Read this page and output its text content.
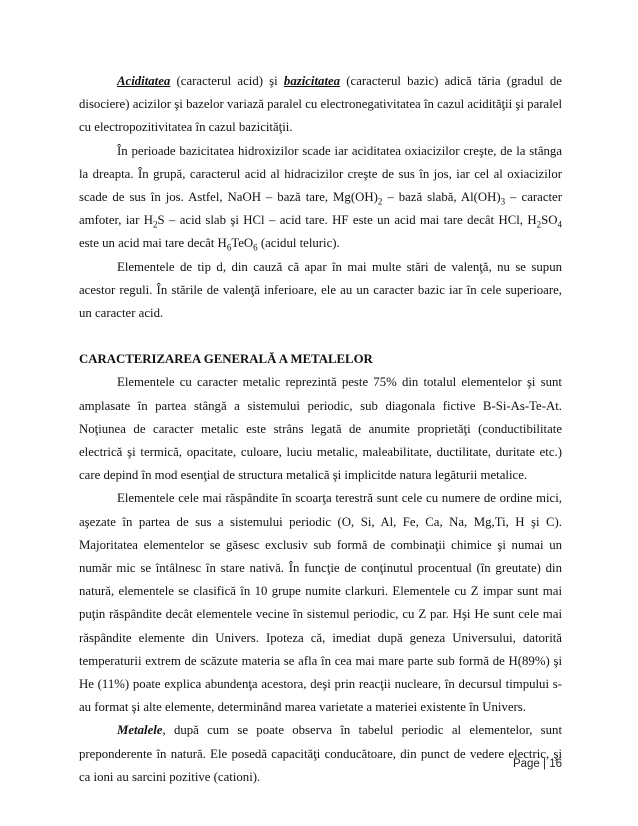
Aciditatea (caracterul acid) şi bazicitatea (caracterul bazic) adică tăria (gradul de disociere) acizilor şi bazelor variază paralel cu electronegativitatea în cazul acidităţii şi paralel cu electropozitivitatea în cazul bazicităţii.

În perioade bazicitatea hidroxizilor scade iar aciditatea oxiacizilor creşte, de la stânga la dreapta. În grupă, caracterul acid al hidracizilor creşte de sus în jos, iar cel al oxiacizilor scade de sus în jos. Astfel, NaOH – bază tare, $Mg(OH)_2$ – bază slabă, $Al(OH)_3$ – caracter amfoter, iar $H_2S$ – acid slab şi HCl – acid tare. HF este un acid mai tare decât HCl, $H_2SO_4$ este un acid mai tare decât $H_6TeO_6$ (acidul teluric).

Elementele de tip d, din cauză că apar în mai multe stări de valenţă, nu se supun acestor reguli. În stările de valenţă inferioare, ele au un caracter bazic iar în cele superioare, un caracter acid.

CARACTERIZAREA GENERALĂ A METALELOR

Elementele cu caracter metalic reprezintă peste 75% din totalul elementelor şi sunt amplasate în partea stângă a sistemului periodic, sub diagonala fictive B-Si-As-Te-At. Noţiunea de caracter metalic este strâns legată de anumite proprietăţi (conductibilitate electrică şi termică, opacitate, culoare, luciu metalic, maleabilitate, ductilitate, duritate etc.) care depind în mod esenţial de structura metalică şi implicitde natura legăturii metalice.

Elementele cele mai răspândite în scoarţa terestră sunt cele cu numere de ordine mici, aşezate în partea de sus a sistemului periodic (O, Si, Al, Fe, Ca, Na, Mg,Ti, H şi C). Majoritatea elementelor se găsesc exclusiv sub formă de combinaţii chimice şi numai un număr mic se întâlnesc în stare nativă. În funcţie de conţinutul procentual (în greutate) din natură, elementele se clasifică în 10 grupe numite clarkuri. Elementele cu Z impar sunt mai puţin răspândite decât elementele vecine în sistemul periodic, cu Z par. Hşi He sunt cele mai răspândite elemente din Univers. Ipoteza că, imediat după geneza Universului, datorită temperaturii extrem de scăzute materia se afla în cea mai mare parte sub formă de H(89%) şi He (11%) poate explica abundenţa acestora, deşi prin reacţii nucleare, în decursul timpului s-au format şi alte elemente, determinând marea varietate a materiei existente în Univers.

Metalele, după cum se poate observa în tabelul periodic al elementelor, sunt preponderente în natură. Ele posedă capacităţi conducătoare, din punct de vedere electric, şi ca ioni au sarcini pozitive (cationi).

Page | 16
